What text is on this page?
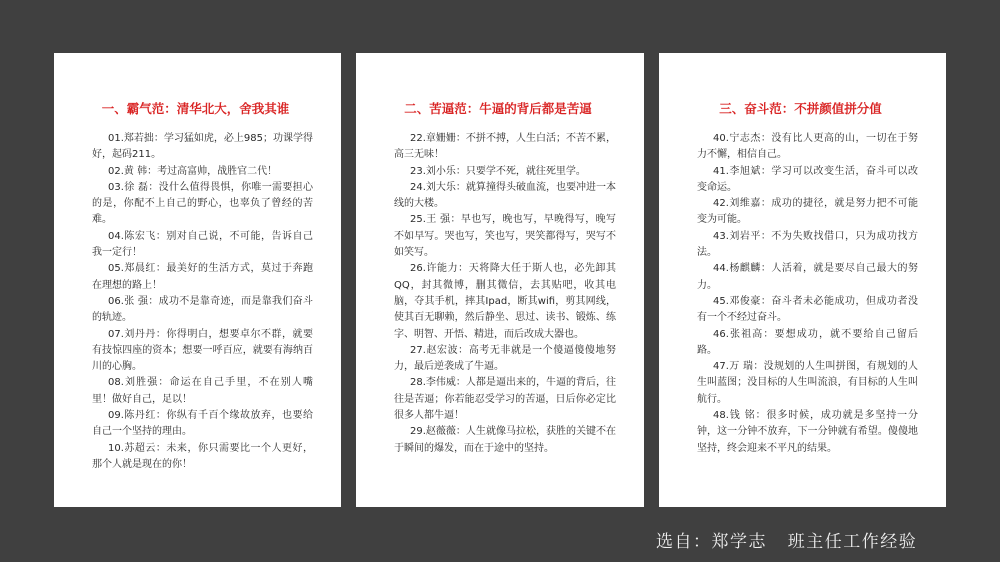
一、霸气范：清华北大，舍我其谁

01.郑若拙：学习猛如虎，必上985；功课学得好，起码211。

02.黄 韩：考过高富帅，战胜官二代！

03.徐 磊：没什么值得畏惧，你唯一需要担心的是，你配不上自己的野心，也辜负了曾经的苦难。

04.陈宏飞：别对自己说，不可能，告诉自己我一定行！

05.郑晨红：最美好的生活方式，莫过于奔跑在理想的路上！

06.张 强：成功不是靠奇迹，而是靠我们奋斗的轨迹。

07.刘丹丹：你得明白，想要卓尔不群，就要有技惊四座的资本；想要一呼百应，就要有海纳百川的心胸。

08.刘胜强：命运在自己手里，不在别人嘴里！做好自己，足以！

09.陈丹红：你纵有千百个缘故放弃，也要给自己一个坚持的理由。

10.苏超云：未来，你只需要比一个人更好，那个人就是现在的你！

二、苦逼范：牛逼的背后都是苦逼

22.章姗姗：不拼不搏，人生白活；不苦不累，高三无味！

23.刘小乐：只要学不死，就往死里学。

24.刘大乐：就算撞得头破血流，也要冲进一本线的大楼。

25.王 强：早也写，晚也写，早晚得写，晚写不如早写。哭也写，笑也写，哭笑都得写，哭写不如笑写。

26.许能力：天将降大任于斯人也，必先卸其QQ，封其微博，删其微信，去其贴吧，收其电脑，夺其手机，摔其Ipad，断其wifi，剪其网线，使其百无聊赖，然后静坐、思过、读书、锻炼、练字、明智、开悟、精进，而后改成大器也。

27.赵宏波：高考无非就是一个傻逼傻傻地努力，最后逆袭成了牛逼。

28.李伟威：人都是逼出来的，牛逼的背后，往往是苦逼；你若能忍受学习的苦逼，日后你必定比很多人都牛逼！

29.赵薇薇：人生就像马拉松，获胜的关键不在于瞬间的爆发，而在于途中的坚持。

三、奋斗范：不拼颜值拼分值

40.宁志杰：没有比人更高的山，一切在于努力不懈，相信自己。

41.李旭斌：学习可以改变生活，奋斗可以改变命运。

42.刘维嘉：成功的捷径，就是努力把不可能变为可能。

43.刘岩平：不为失败找借口，只为成功找方法。

44.杨麒麟：人活着，就是要尽自己最大的努力。

45.邓俊豪：奋斗者未必能成功，但成功者没有一个不经过奋斗。

46.张祖高：要想成功，就不要给自己留后路。

47.万 瑞：没规划的人生叫拼图，有规划的人生叫蓝图；没目标的人生叫流浪，有目标的人生叫航行。

48.钱 铭：很多时候，成功就是多坚持一分钟，这一分钟不放弃，下一分钟就有希望。傻傻地坚持，终会迎来不平凡的结果。

选自：郑学志   班主任工作经验
